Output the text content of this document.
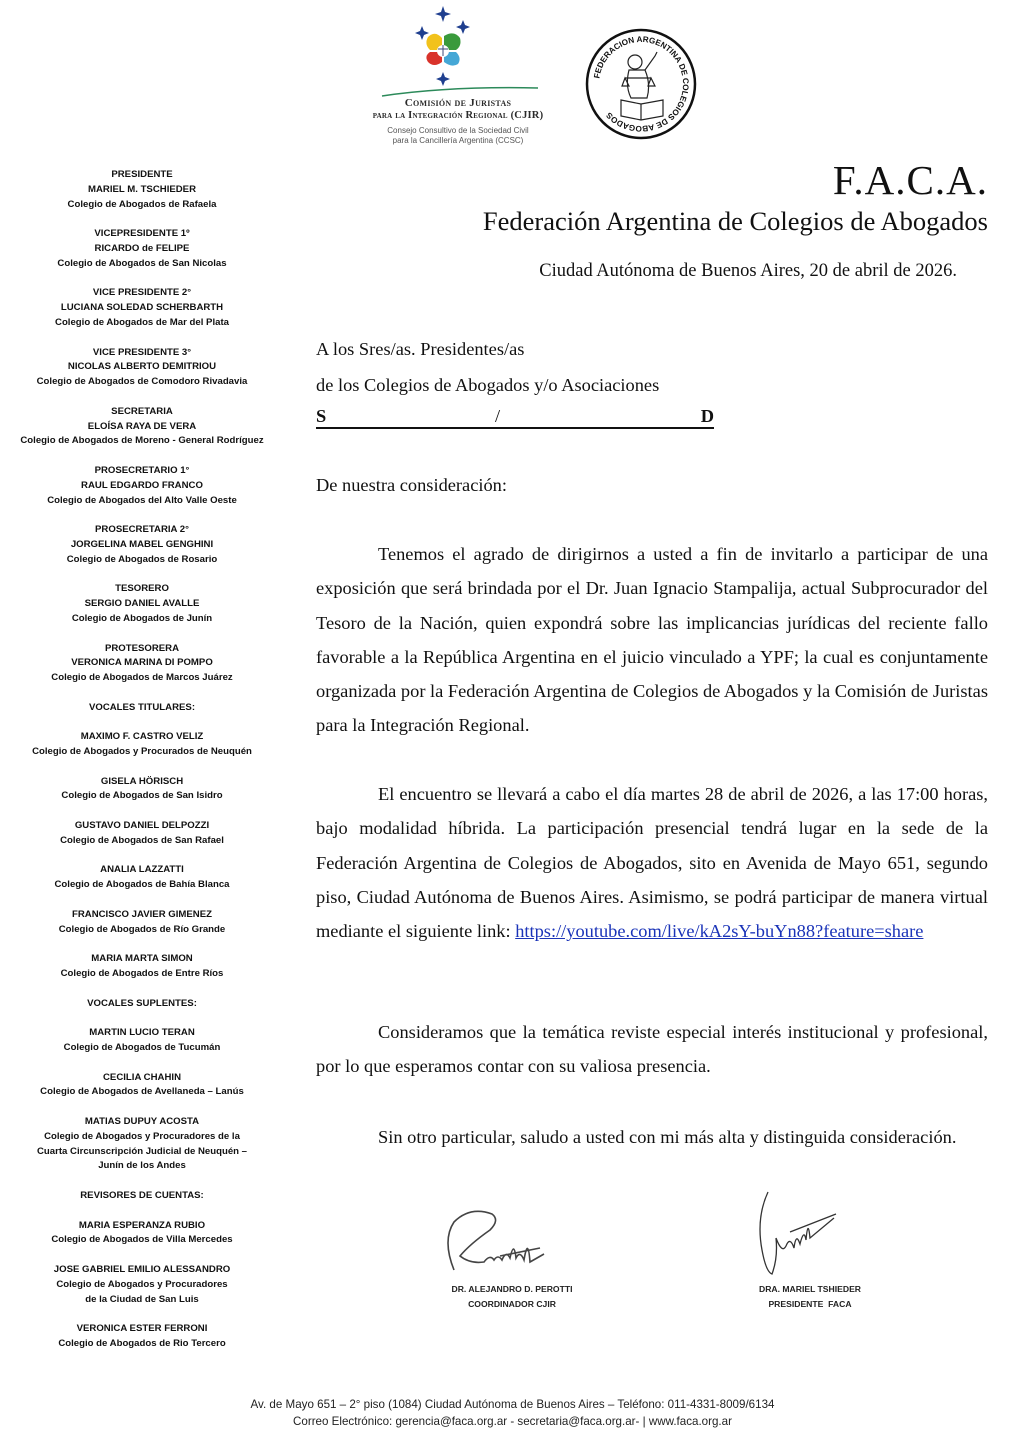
Comisión de Juristas
para la Integración Regional (CJIR)
Consejo Consultivo de la Sociedad Civil
para la Cancillería Argentina (CCSC)
FEDERACION ARGENTINA DE COLEGIOS DE ABOGADOS
PRESIDENTE
MARIEL M. TSCHIEDER
Colegio de Abogados de Rafaela
VICEPRESIDENTE 1º
RICARDO de FELIPE
Colegio de Abogados de San Nicolas
VICE PRESIDENTE 2°
LUCIANA SOLEDAD SCHERBARTH
Colegio de Abogados de Mar del Plata
VICE PRESIDENTE 3°
NICOLAS ALBERTO DEMITRIOU
Colegio de Abogados de Comodoro Rivadavia
SECRETARIA
ELOÍSA RAYA DE VERA
Colegio de Abogados de Moreno - General Rodríguez
PROSECRETARIO 1°
RAUL EDGARDO FRANCO
Colegio de Abogados del Alto Valle Oeste
PROSECRETARIA 2°
JORGELINA MABEL GENGHINI
Colegio de Abogados de Rosario
TESORERO
SERGIO DANIEL AVALLE
Colegio de Abogados de Junín
PROTESORERA
VERONICA MARINA DI POMPO
Colegio de Abogados de Marcos Juárez
VOCALES TITULARES:
MAXIMO F. CASTRO VELIZ
Colegio de Abogados y Procurados de Neuquén
GISELA HÖRISCH
Colegio de Abogados de San Isidro
GUSTAVO DANIEL DELPOZZI
Colegio de Abogados de San Rafael
ANALIA LAZZATTI
Colegio de Abogados de Bahía Blanca
FRANCISCO JAVIER GIMENEZ
Colegio de Abogados de Río Grande
MARIA MARTA SIMON
Colegio de Abogados de Entre Ríos
VOCALES SUPLENTES:
MARTIN LUCIO TERAN
Colegio de Abogados de Tucumán
CECILIA CHAHIN
Colegio de Abogados de Avellaneda – Lanús
MATIAS DUPUY ACOSTA
Colegio de Abogados y Procuradores de la
Cuarta Circunscripción Judicial de Neuquén –
Junín de los Andes
REVISORES DE CUENTAS:
MARIA ESPERANZA RUBIO
Colegio de Abogados de Villa Mercedes
JOSE GABRIEL EMILIO ALESSANDRO
Colegio de Abogados y Procuradores
de la Ciudad de San Luis
VERONICA ESTER FERRONI
Colegio de Abogados de Rio Tercero
F.A.C.A.
Federación Argentina de Colegios de Abogados
Ciudad Autónoma de Buenos Aires, 20 de abril de 2026.
A los Sres/as. Presidentes/as
de los Colegios de Abogados y/o Asociaciones
S	/	D
De nuestra consideración:
Tenemos el agrado de dirigirnos a usted a fin de invitarlo a participar de una exposición que será brindada por el Dr. Juan Ignacio Stampalija, actual Subprocurador del Tesoro de la Nación, quien expondrá sobre las implicancias jurídicas del reciente fallo favorable a la República Argentina en el juicio vinculado a YPF; la cual es conjuntamente organizada por la Federación Argentina de Colegios de Abogados y la Comisión de Juristas para la Integración Regional.
El encuentro se llevará a cabo el día martes 28 de abril de 2026, a las 17:00 horas, bajo modalidad híbrida. La participación presencial tendrá lugar en la sede de la Federación Argentina de Colegios de Abogados, sito en Avenida de Mayo 651, segundo piso, Ciudad Autónoma de Buenos Aires. Asimismo, se podrá participar de manera virtual mediante el siguiente link: https://youtube.com/live/kA2sY-buYn88?feature=share
Consideramos que la temática reviste especial interés institucional y profesional, por lo que esperamos contar con su valiosa presencia.
Sin otro particular, saludo a usted con mi más alta y distinguida consideración.
DR. ALEJANDRO D. PEROTTI
COORDINADOR CJIR
DRA. MARIEL TSHIEDER
PRESIDENTE  FACA
Av. de Mayo 651 – 2° piso (1084) Ciudad Autónoma de Buenos Aires – Teléfono: 011-4331-8009/6134
Correo Electrónico: gerencia@faca.org.ar - secretaria@faca.org.ar- | www.faca.org.ar
